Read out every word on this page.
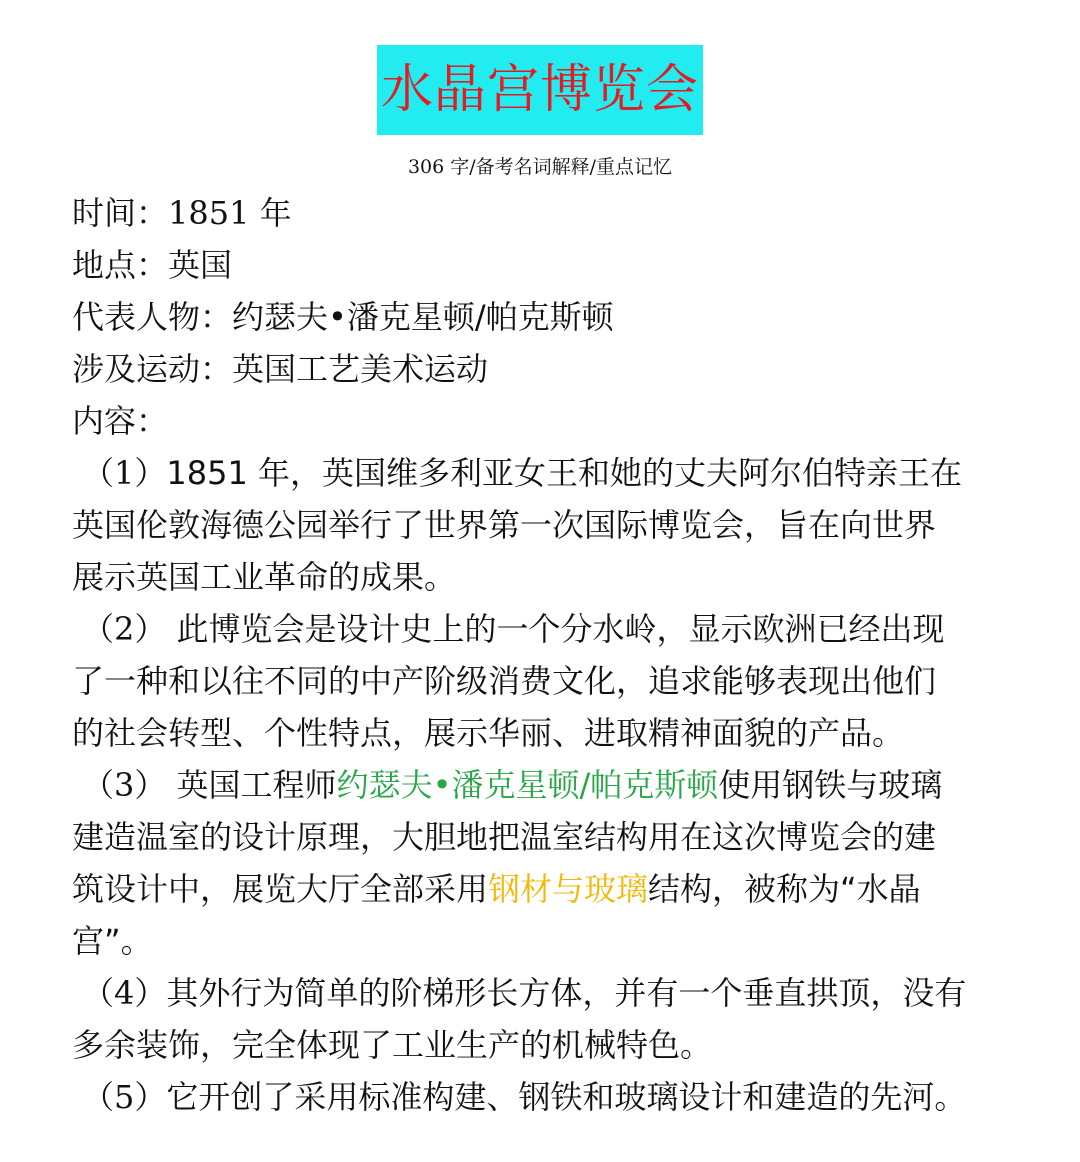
水晶宫博览会
306 字/备考名词解释/重点记忆
时间：1851 年
地点：英国
代表人物：约瑟夫•潘克星顿/帕克斯顿
涉及运动：英国工艺美术运动
内容：
（1）1851 年，英国维多利亚女王和她的丈夫阿尔伯特亲王在
英国伦敦海德公园举行了世界第一次国际博览会，旨在向世界
展示英国工业革命的成果。
（2） 此博览会是设计史上的一个分水岭，显示欧洲已经出现
了一种和以往不同的中产阶级消费文化，追求能够表现出他们
的社会转型、个性特点，展示华丽、进取精神面貌的产品。
（3） 英国工程师约瑟夫•潘克星顿/帕克斯顿使用钢铁与玻璃
建造温室的设计原理，大胆地把温室结构用在这次博览会的建
筑设计中，展览大厅全部采用钢材与玻璃结构，被称为“水晶
宫”。
（4）其外行为简单的阶梯形长方体，并有一个垂直拱顶，没有
多余装饰，完全体现了工业生产的机械特色。
（5）它开创了采用标准构建、钢铁和玻璃设计和建造的先河。
